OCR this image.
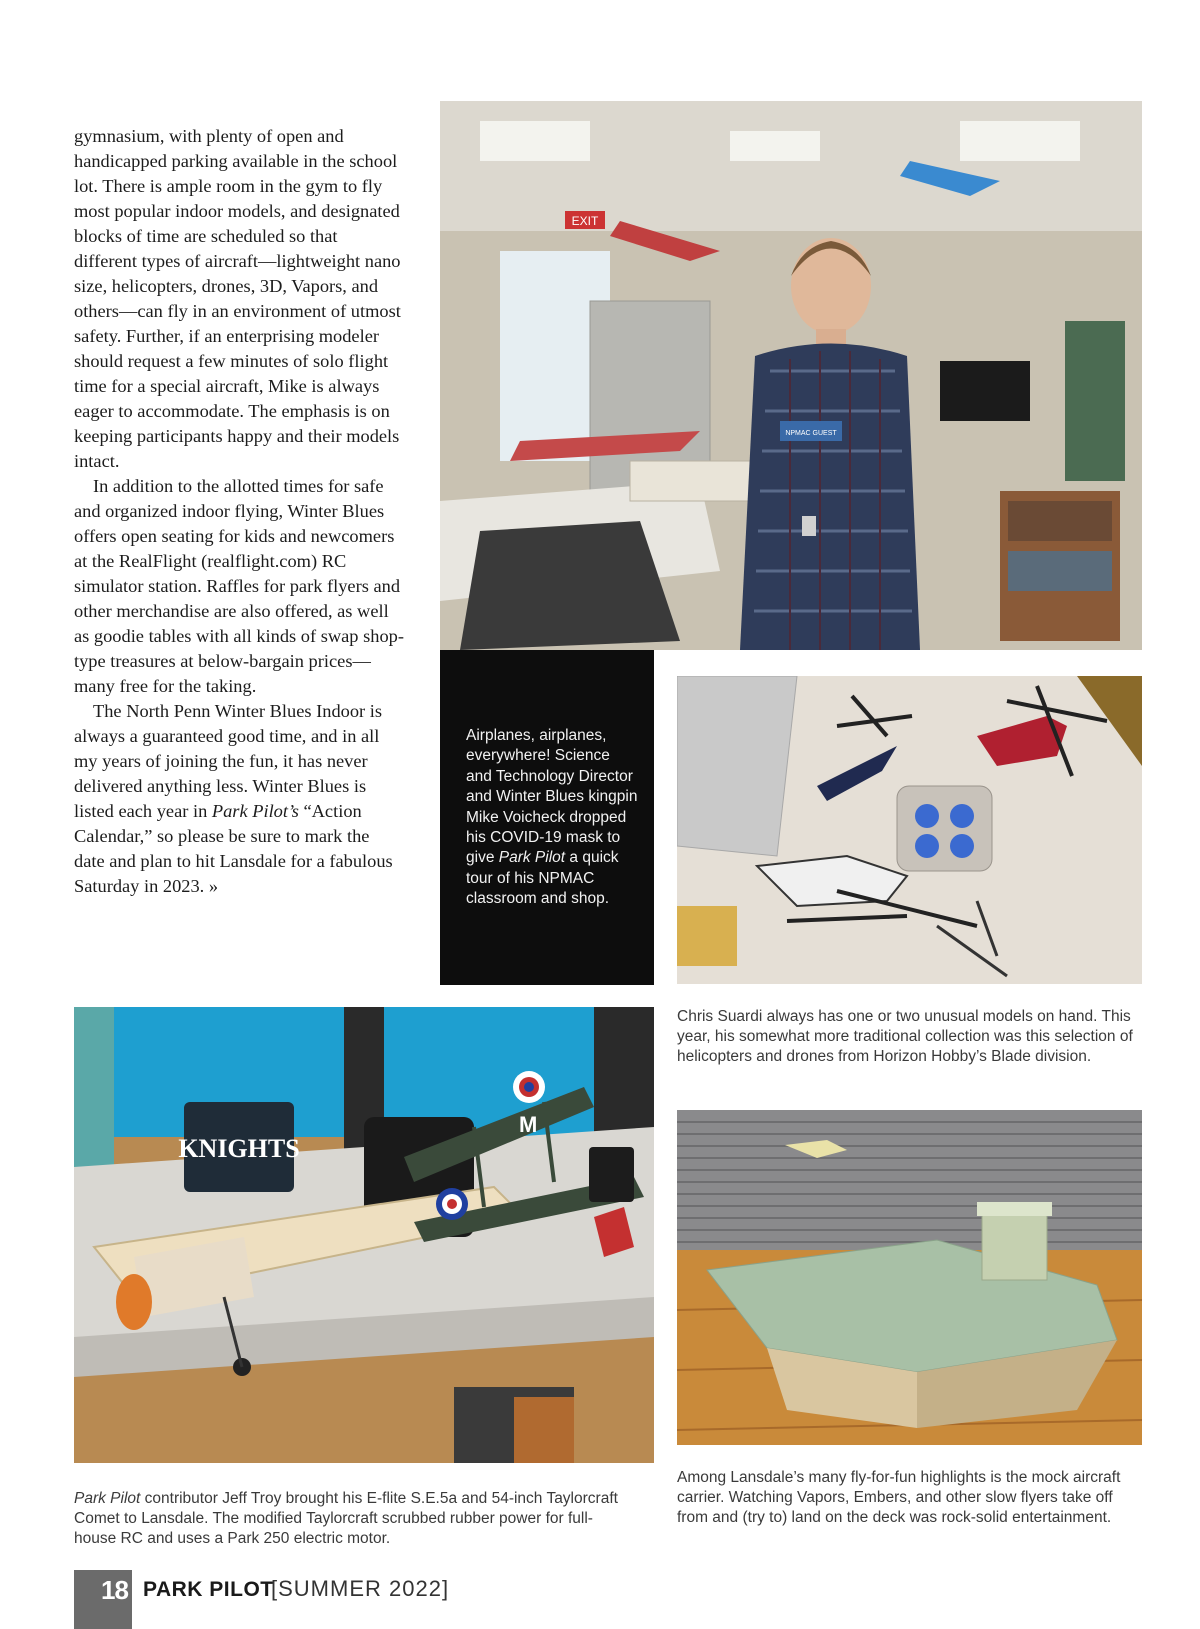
gymnasium, with plenty of open and handicapped parking available in the school lot. There is ample room in the gym to fly most popular indoor models, and designated blocks of time are scheduled so that different types of aircraft—lightweight nano size, helicopters, drones, 3D, Vapors, and others—can fly in an environment of utmost safety. Further, if an enterprising modeler should request a few minutes of solo flight time for a special aircraft, Mike is always eager to accommodate. The emphasis is on keeping participants happy and their models intact.

In addition to the allotted times for safe and organized indoor flying, Winter Blues offers open seating for kids and newcomers at the RealFlight (realflight.com) RC simulator station. Raffles for park flyers and other merchandise are also offered, as well as goodie tables with all kinds of swap shop-type treasures at below-bargain prices—many free for the taking.

The North Penn Winter Blues Indoor is always a guaranteed good time, and in all my years of joining the fun, it has never delivered anything less. Winter Blues is listed each year in Park Pilot’s “Action Calendar,” so please be sure to mark the date and plan to hit Lansdale for a fabulous Saturday in 2023. »

EXIT
NPMAC GUEST
Airplanes, airplanes, everywhere! Science and Technology Director and Winter Blues kingpin Mike Voicheck dropped his COVID-19 mask to give Park Pilot a quick tour of his NPMAC classroom and shop.
Chris Suardi always has one or two unusual models on hand. This year, his somewhat more traditional collection was this selection of helicopters and drones from Horizon Hobby’s Blade division.
KNIGHTS
M
Park Pilot contributor Jeff Troy brought his E-flite S.E.5a and 54-inch Taylorcraft Comet to Lansdale. The modified Taylorcraft scrubbed rubber power for full-house RC and uses a Park 250 electric motor.
Among Lansdale’s many fly-for-fun highlights is the mock aircraft carrier. Watching Vapors, Embers, and other slow flyers take off from and (try to) land on the deck was rock-solid entertainment.
18 PARK PILOT
[SUMMER 2022]
